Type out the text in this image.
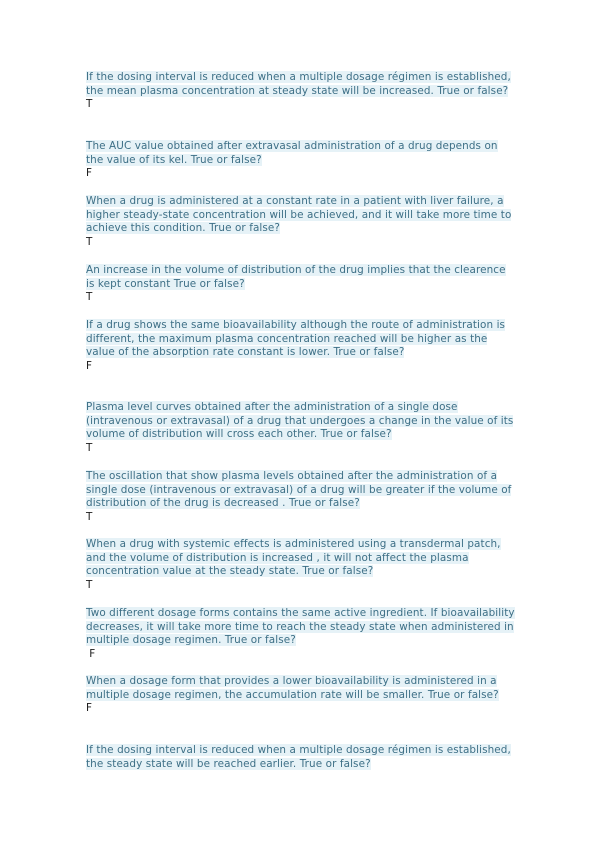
If the dosing interval is reduced when a multiple dosage régimen is established, the mean plasma concentration at steady state will be increased. True or false?

T

The AUC value obtained after extravasal administration of a drug depends on the value of its kel. True or false?

F

When a drug is administered at a constant rate in a patient with liver failure, a higher steady-state concentration will be achieved, and it will take more time to achieve this condition. True or false?

T

An increase in the volume of distribution of the drug implies that the clearence is kept constant True or false?

T

If a drug shows the same bioavailability although the route of administration is different, the maximum plasma concentration reached will be higher as the value of the absorption rate constant is lower. True or false?

F

Plasma level curves obtained after the administration of a single dose (intravenous or extravasal) of a drug that undergoes a change in the value of its volume of distribution will cross each other. True or false?

T

The oscillation that show plasma levels obtained after the administration of a single dose (intravenous or extravasal) of a drug will be greater if the volume of distribution of the drug is decreased . True or false?

T

When a drug with systemic effects is administered using a transdermal patch, and the volume of distribution is increased , it will not affect the plasma concentration value at the steady state. True or false?

T

Two different dosage forms contains the same active ingredient. If bioavailability decreases, it will take more time to reach the steady state when administered in multiple dosage regimen. True or false?

F

When a dosage form that provides a lower bioavailability is administered in a multiple dosage regimen, the accumulation rate will be smaller. True or false?

F

If the dosing interval is reduced when a multiple dosage régimen is established, the steady state will be reached earlier. True or false?
